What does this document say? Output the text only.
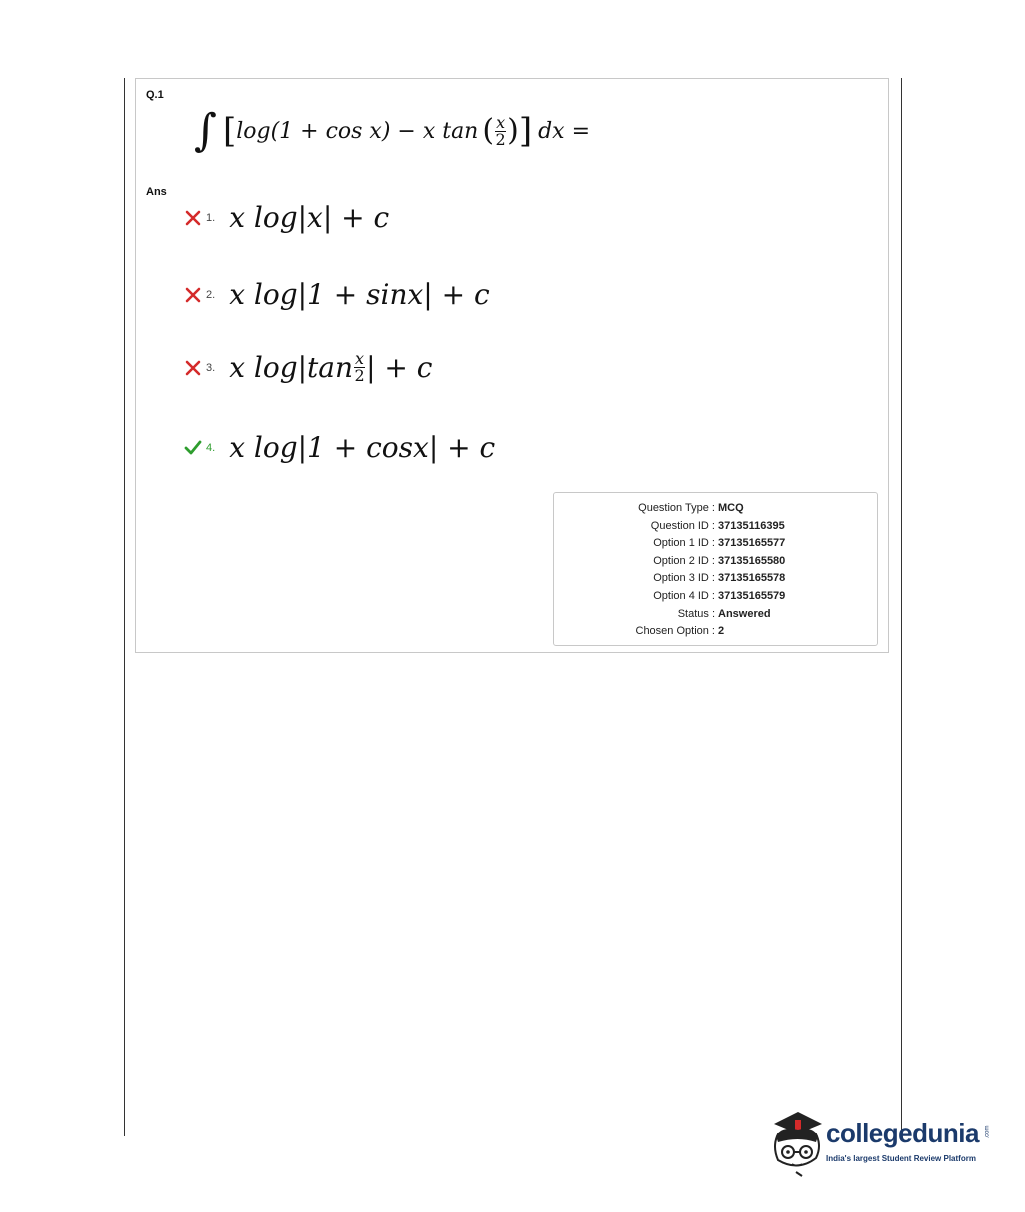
Q.1
∫ [ log(1 + cos x) − x tan ( $\frac{x}{2}$ ) ] dx =
Ans
1. x log|x| + c
2. x log|1 + sinx| + c
3. x $\log|\tan \frac{x}{2}$ | + c
4. x log|1 + cosx| + c
Question Type : MCQ
Question ID : 37135116395
Option 1 ID : 37135165577
Option 2 ID : 37135165580
Option 3 ID : 37135165578
Option 4 ID : 37135165579
Status : Answered
Chosen Option : 2
collegedunia .com
India's largest Student Review Platform
